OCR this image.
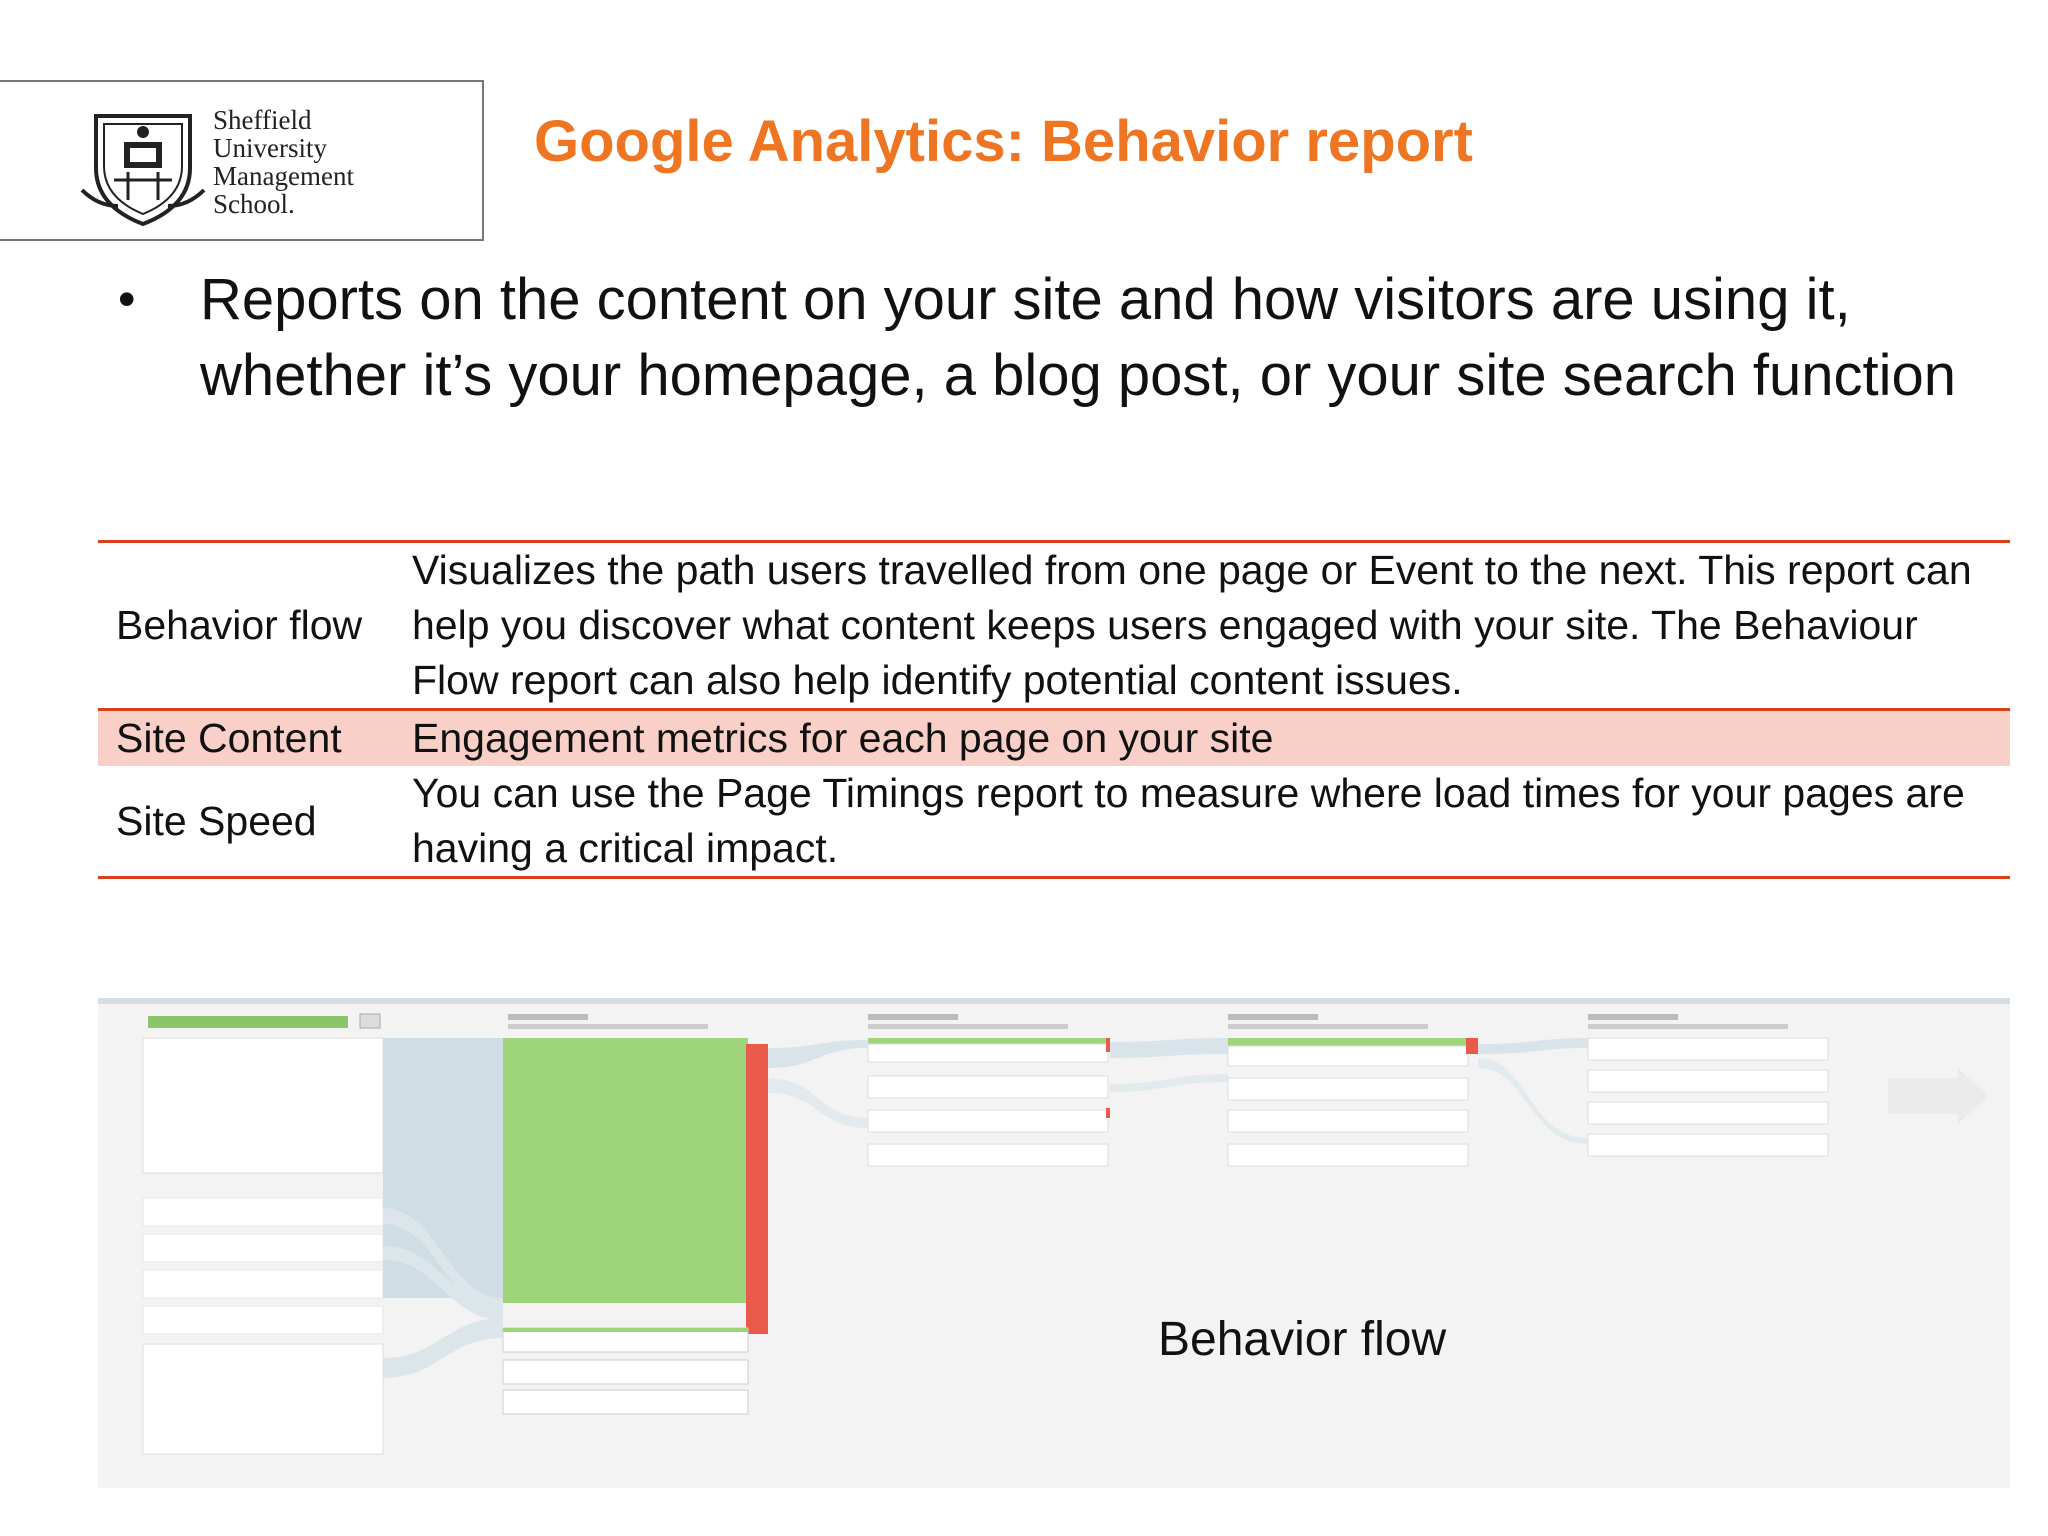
Sheffield
University
Management
School.
Google Analytics: Behavior report
• Reports on the content on your site and how visitors are using it, whether it’s your homepage, a blog post, or your site search function
Behavior flow	Visualizes the path users travelled from one page or Event to the next. This report can help you discover what content keeps users engaged with your site. The Behaviour Flow report can also help identify potential content issues.
Site Content	Engagement metrics for each page on your site
Site Speed	You can use the Page Timings report to measure where load times for your pages are having a critical impact.
Behavior flow
